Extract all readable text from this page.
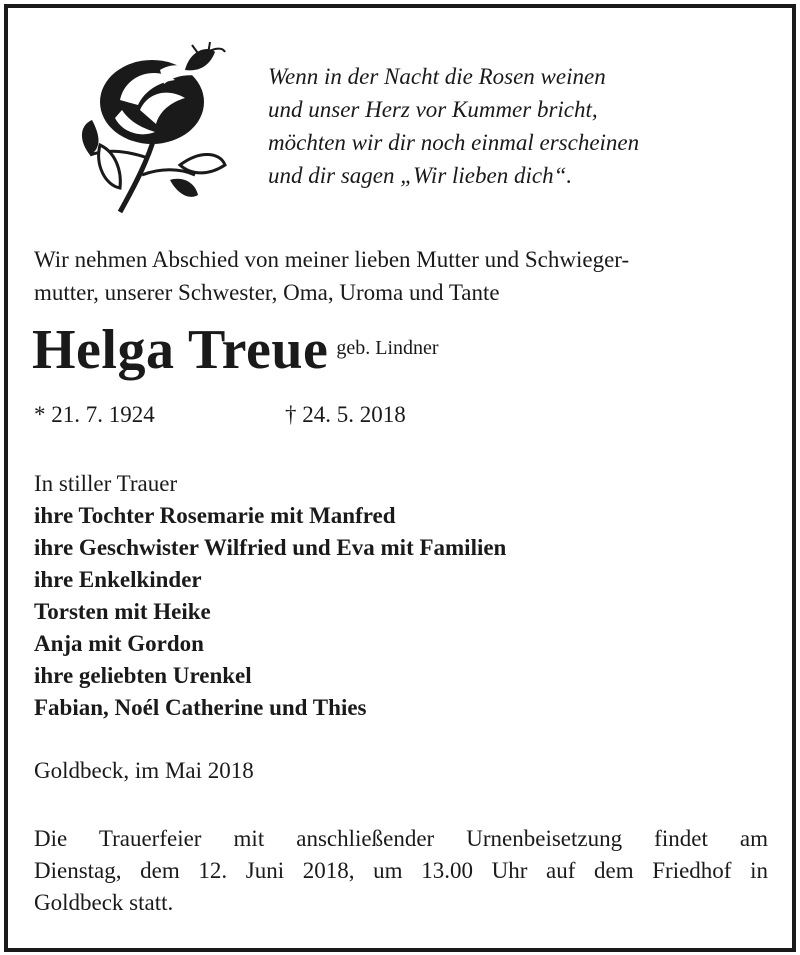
Wenn in der Nacht die Rosen weinen
und unser Herz vor Kummer bricht,
möchten wir dir noch einmal erscheinen
und dir sagen „Wir lieben dich“.
Wir nehmen Abschied von meiner lieben Mutter und Schwieger-
mutter, unserer Schwester, Oma, Uroma und Tante
Helga Treue geb. Lindner
* 21. 7. 1924	† 24. 5. 2018
In stiller Trauer
ihre Tochter Rosemarie mit Manfred
ihre Geschwister Wilfried und Eva mit Familien
ihre Enkelkinder
Torsten mit Heike
Anja mit Gordon
ihre geliebten Urenkel
Fabian, Noél Catherine und Thies
Goldbeck, im Mai 2018
Die Trauerfeier mit anschließender Urnenbeisetzung findet am
Dienstag, dem 12. Juni 2018, um 13.00 Uhr auf dem Friedhof in
Goldbeck statt.
